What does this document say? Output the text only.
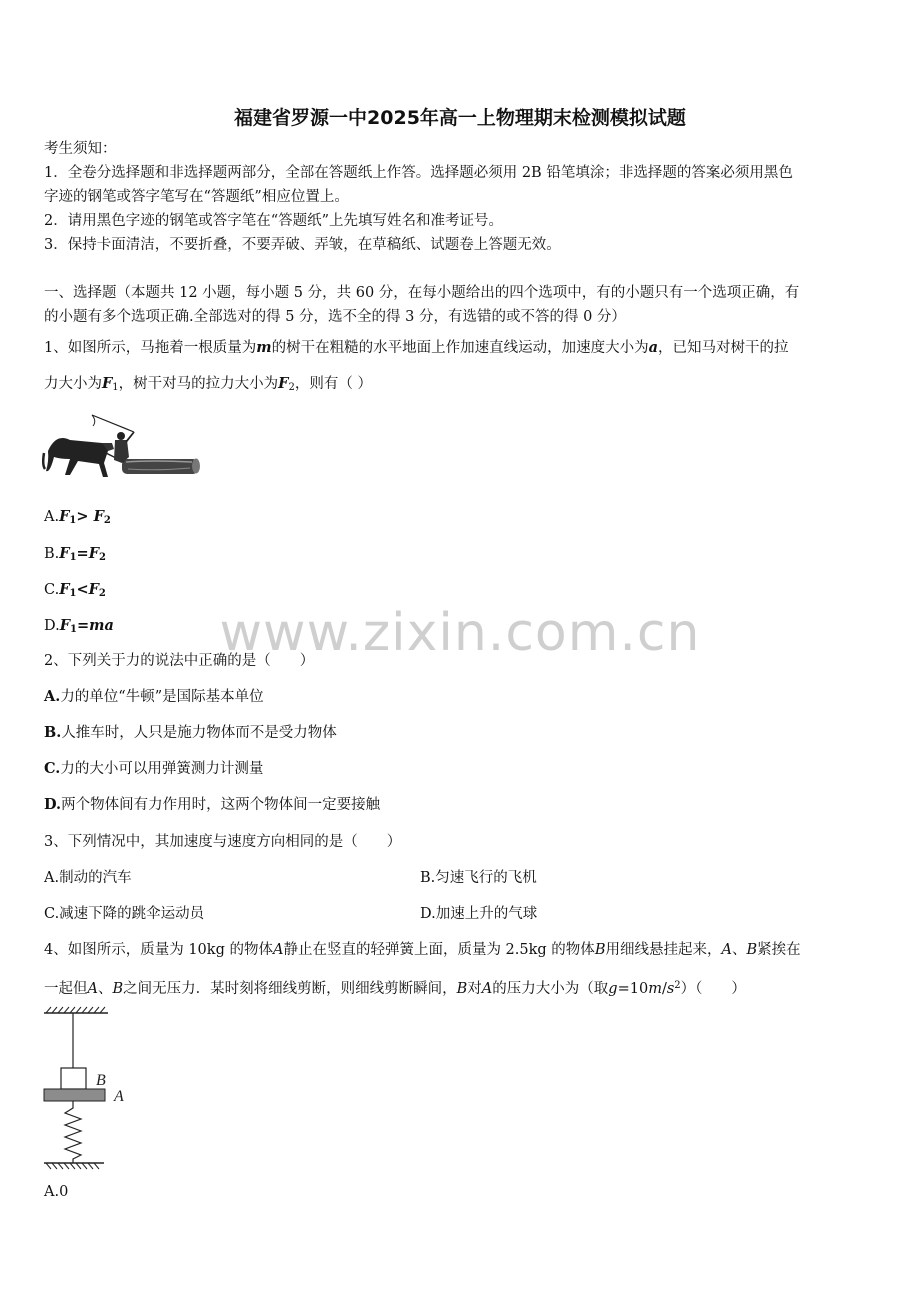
福建省罗源一中2025年高一上物理期末检测模拟试题
考生须知：
1．全卷分选择题和非选择题两部分，全部在答题纸上作答。选择题必须用 2B 铅笔填涂；非选择题的答案必须用黑色
字迹的钢笔或答字笔写在“答题纸”相应位置上。
2．请用黑色字迹的钢笔或答字笔在“答题纸”上先填写姓名和准考证号。
3．保持卡面清洁，不要折叠，不要弄破、弄皱，在草稿纸、试题卷上答题无效。
一、选择题（本题共 12 小题，每小题 5 分，共 60 分，在每小题给出的四个选项中，有的小题只有一个选项正确，有
的小题有多个选项正确.全部选对的得 5 分，选不全的得 3 分，有选错的或不答的得 0 分）
1、如图所示，马拖着一根质量为m的树干在粗糙的水平地面上作加速直线运动，加速度大小为a，已知马对树干的拉
力大小为$F_1$，树干对马的拉力大小为$F_2$，则有（ ）
$A.F_1> F_2$
$B.F_1=F_2$
$C.F_1<F_2$
$D.F_1=ma$	www.zixin.com.cn
2、下列关于力的说法中正确的是（　　）
A.力的单位“牛顿”是国际基本单位
B.人推车时，人只是施力物体而不是受力物体
C.力的大小可以用弹簧测力计测量
D.两个物体间有力作用时，这两个物体间一定要接触
3、下列情况中，其加速度与速度方向相同的是（　　）
A.制动的汽车	B.匀速飞行的飞机
C.减速下降的跳伞运动员	D.加速上升的气球
4、如图所示，质量为 10kg 的物体A静止在竖直的轻弹簧上面，质量为 2.5kg 的物体B用细线悬挂起来，A、B紧挨在
一起但A、B之间无压力．某时刻将细线剪断，则细线剪断瞬间，B对A的压力大小为（取$g=10m/s^2$）（　　）
B
A
A.0
